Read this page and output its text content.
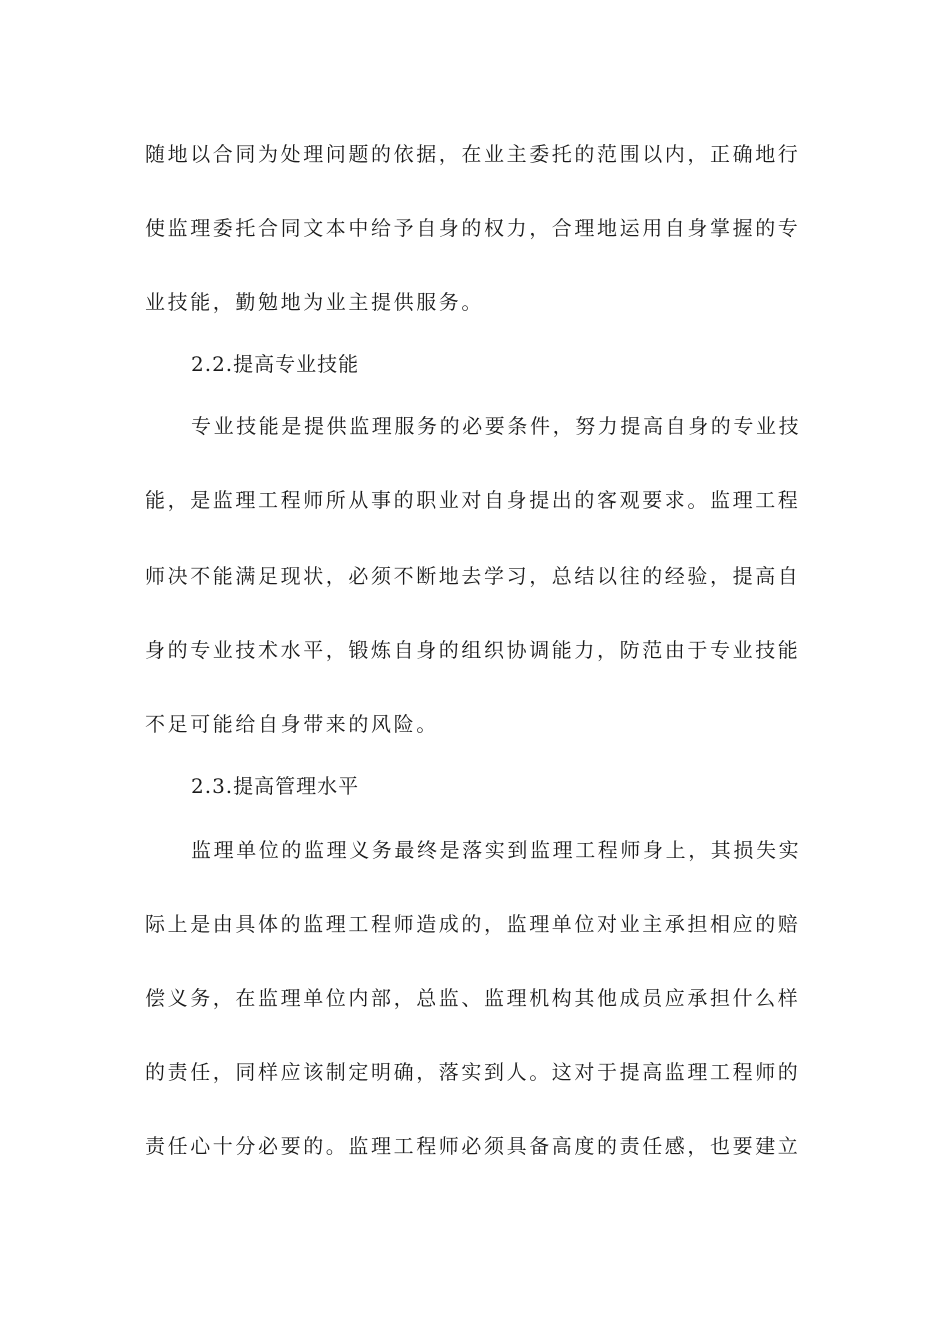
随地以合同为处理问题的依据，在业主委托的范围以内，正确地行
使监理委托合同文本中给予自身的权力，合理地运用自身掌握的专
业技能，勤勉地为业主提供服务。
2.2.提高专业技能
专业技能是提供监理服务的必要条件，努力提高自身的专业技
能，是监理工程师所从事的职业对自身提出的客观要求。监理工程
师决不能满足现状，必须不断地去学习，总结以往的经验，提高自
身的专业技术水平，锻炼自身的组织协调能力，防范由于专业技能
不足可能给自身带来的风险。
2.3.提高管理水平
监理单位的监理义务最终是落实到监理工程师身上，其损失实
际上是由具体的监理工程师造成的，监理单位对业主承担相应的赔
偿义务，在监理单位内部，总监、监理机构其他成员应承担什么样
的责任，同样应该制定明确，落实到人。这对于提高监理工程师的
责任心十分必要的。监理工程师必须具备高度的责任感，也要建立
